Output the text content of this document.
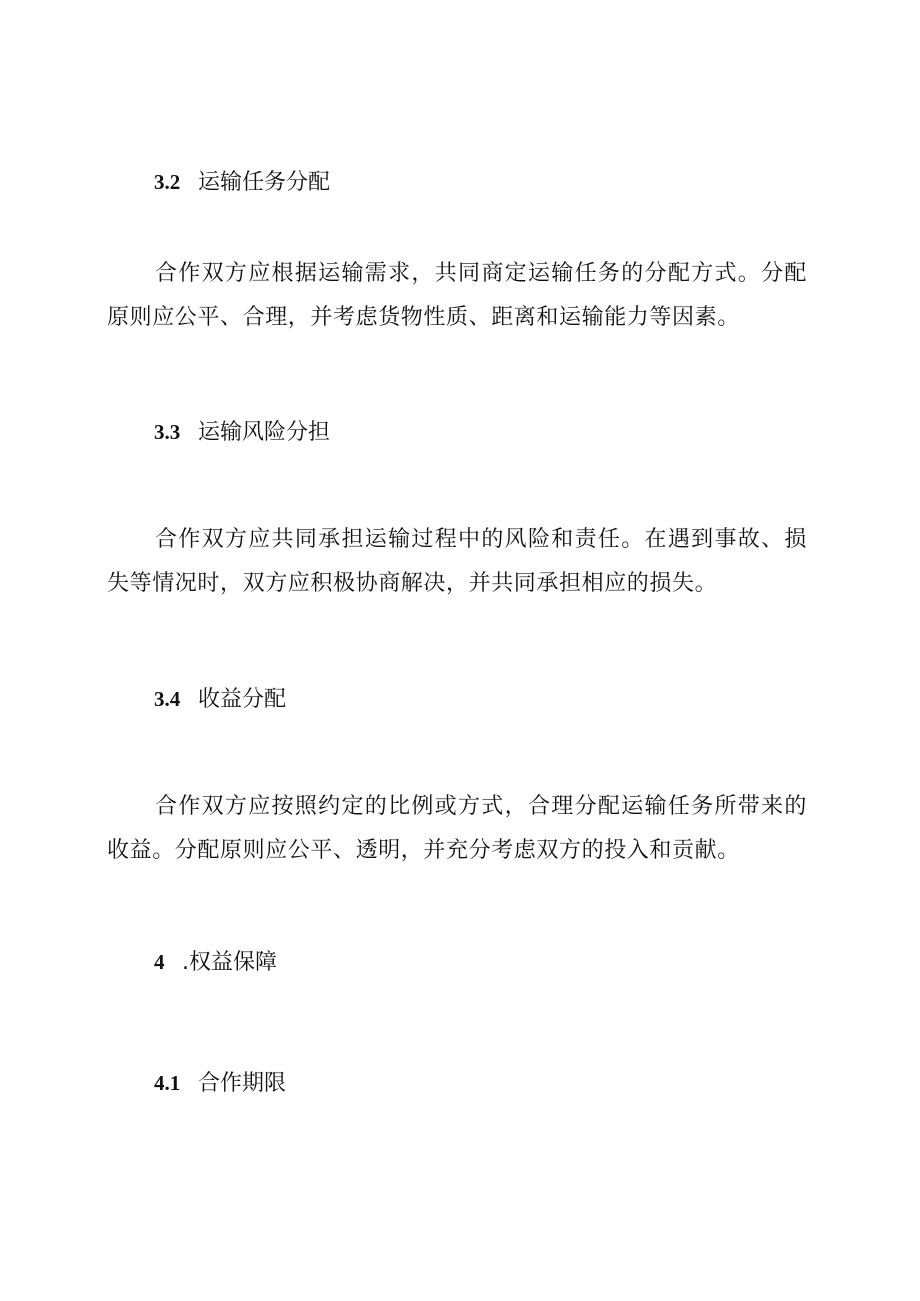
3.2 运输任务分配

合作双方应根据运输需求，共同商定运输任务的分配方式。分配原则应公平、合理，并考虑货物性质、距离和运输能力等因素。

3.3 运输风险分担

合作双方应共同承担运输过程中的风险和责任。在遇到事故、损失等情况时，双方应积极协商解决，并共同承担相应的损失。

3.4 收益分配

合作双方应按照约定的比例或方式，合理分配运输任务所带来的收益。分配原则应公平、透明，并充分考虑双方的投入和贡献。

4 .权益保障
4.1 合作期限
